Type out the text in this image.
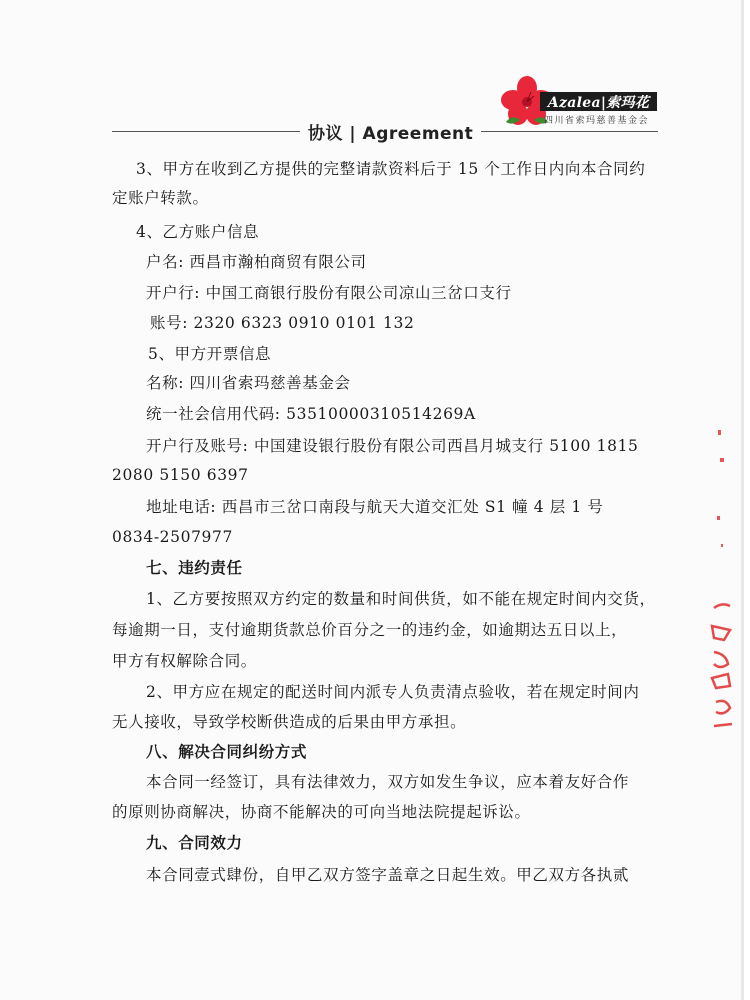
Azalea|索玛花
四川省索玛慈善基金会
协议 | Agreement
3、甲方在收到乙方提供的完整请款资料后于 15 个工作日内向本合同约
定账户转款。
4、乙方账户信息
户名: 西昌市瀚柏商贸有限公司
开户行: 中国工商银行股份有限公司凉山三岔口支行
账号: 2320 6323 0910 0101 132
5、甲方开票信息
名称: 四川省索玛慈善基金会
统一社会信用代码: 53510000310514269A
开户行及账号: 中国建设银行股份有限公司西昌月城支行 5100 1815
2080 5150 6397
地址电话: 西昌市三岔口南段与航天大道交汇处 S1 幢 4 层 1 号
0834-2507977
七、违约责任
1、乙方要按照双方约定的数量和时间供货，如不能在规定时间内交货，
每逾期一日，支付逾期货款总价百分之一的违约金，如逾期达五日以上，
甲方有权解除合同。
2、甲方应在规定的配送时间内派专人负责清点验收，若在规定时间内
无人接收，导致学校断供造成的后果由甲方承担。
八、解决合同纠纷方式
本合同一经签订，具有法律效力，双方如发生争议，应本着友好合作
的原则协商解决，协商不能解决的可向当地法院提起诉讼。
九、合同效力
本合同壹式肆份，自甲乙双方签字盖章之日起生效。甲乙双方各执贰
